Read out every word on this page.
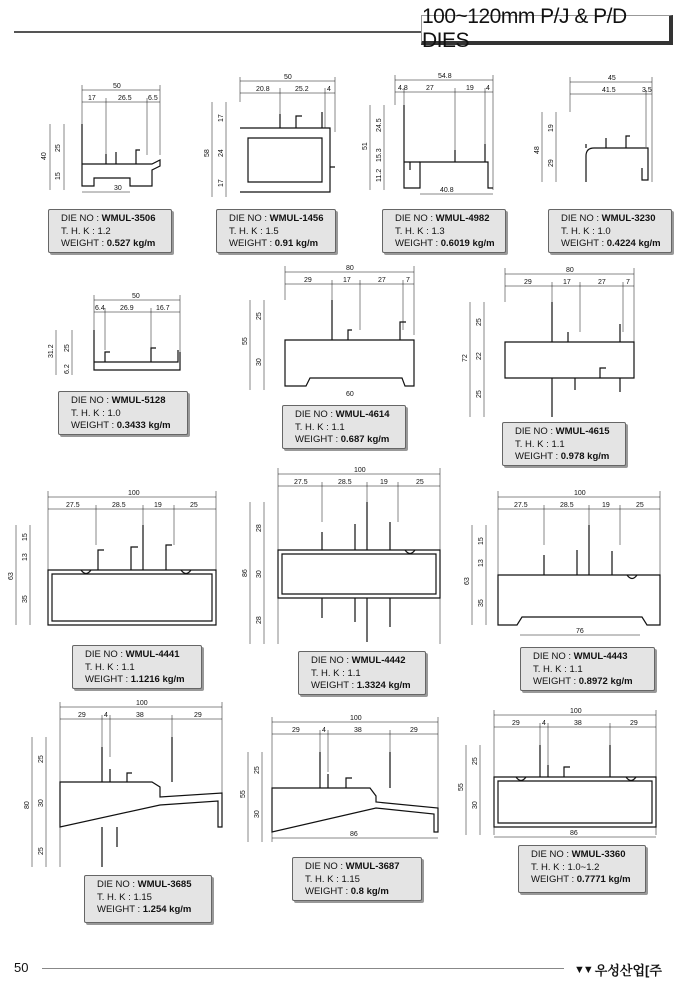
100~120mm P/J & P/D DIES
50
17	26.5 6.5
40
25
15
30
DIE NO : WMUL-3506
T. H. K : 1.2
WEIGHT : 0.527 kg/m
50
20.8	25.2	4
58
17
24
17
DIE NO : WMUL-1456
T. H. K : 1.5
WEIGHT : 0.91 kg/m
54.8
4.8	27	19 4
51
24.5
15.3
11.2
40.8
DIE NO : WMUL-4982
T. H. K : 1.3
WEIGHT : 0.6019 kg/m
45
41.5	3.5
48
19
29
DIE NO : WMUL-3230
T. H. K : 1.0
WEIGHT : 0.4224 kg/m
50
6.4 26.9	16.7
31.2 25
6.2
DIE NO : WMUL-5128
T. H. K : 1.0
WEIGHT : 0.3433 kg/m
80
29	17	27	7
55
25
30
60
DIE NO : WMUL-4614
T. H. K : 1.1
WEIGHT : 0.687 kg/m
80
29	17	27	7
72
25
22
25
DIE NO : WMUL-4615
T. H. K : 1.1
WEIGHT : 0.978 kg/m
100
27.5	28.5	19	25
63
15
13
35
DIE NO : WMUL-4441
T. H. K : 1.1
WEIGHT : 1.1216 kg/m
100
27.5	28.5	19	25
86
28
30
28
DIE NO : WMUL-4442
T. H. K : 1.1
WEIGHT : 1.3324 kg/m
100
27.5	28.5	19	25
63
15
13
35
76
DIE NO : WMUL-4443
T. H. K : 1.1
WEIGHT : 0.8972 kg/m
100
29	4	38	29
80
25
30
25
DIE NO : WMUL-3685
T. H. K : 1.15
WEIGHT : 1.254 kg/m
100
29	4	38	29
55
25
30
86
DIE NO : WMUL-3687
T. H. K : 1.15
WEIGHT : 0.8 kg/m
100
29	4	38	29
55
25
30
86
DIE NO : WMUL-3360
T. H. K : 1.0~1.2
WEIGHT : 0.7771 kg/m
50	▼▼ 우성산업[주
